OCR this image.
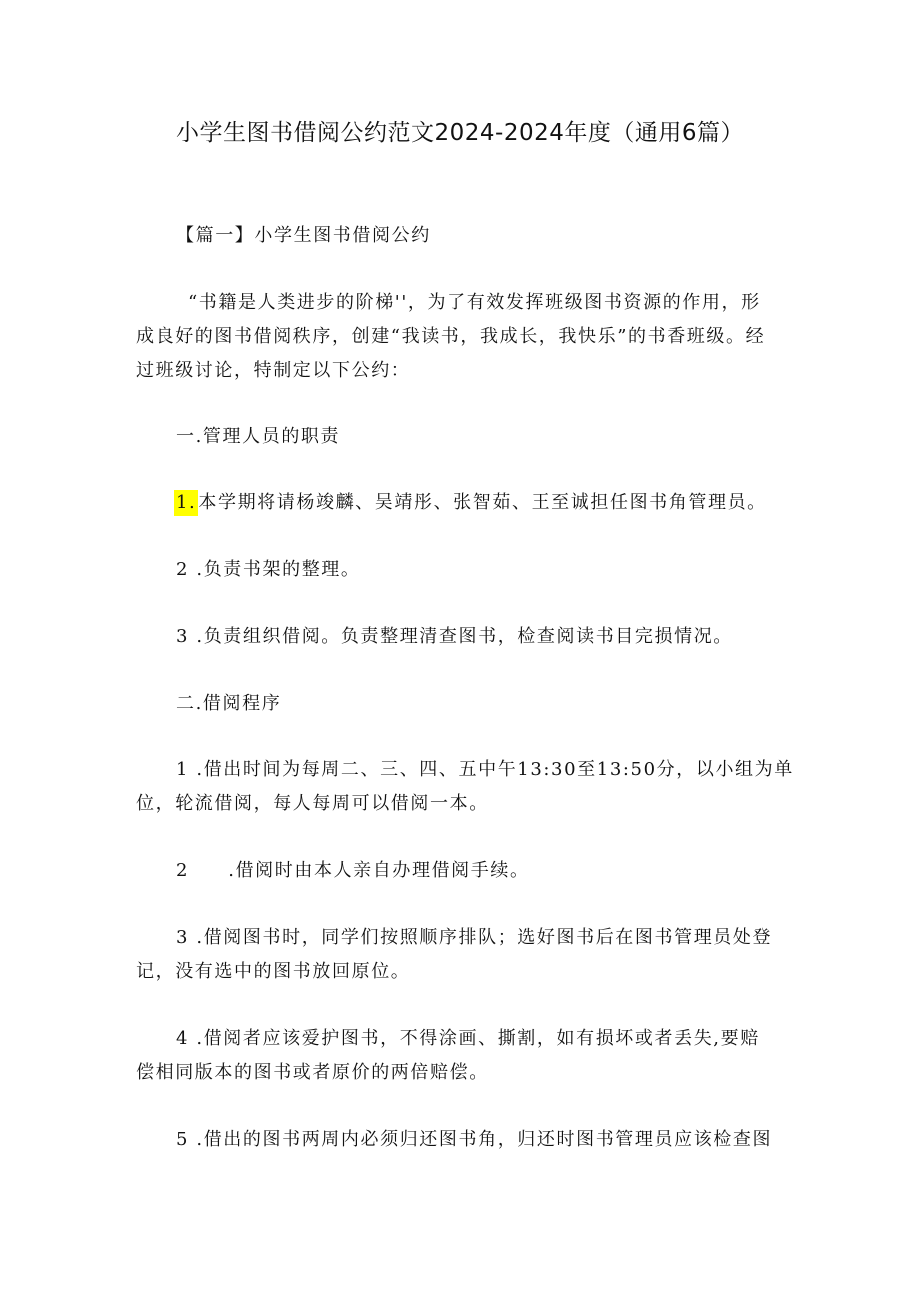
小学生图书借阅公约范文2024-2024年度（通用6篇）
【篇一】小学生图书借阅公约
“书籍是人类进步的阶梯''，为了有效发挥班级图书资源的作用，形
成良好的图书借阅秩序，创建“我读书，我成长，我快乐”的书香班级。经
过班级讨论，特制定以下公约：
一.管理人员的职责
1. 本学期将请杨竣麟、吴靖彤、张智茹、王至诚担任图书角管理员。
2 .负责书架的整理。
3 .负责组织借阅。负责整理清查图书，检查阅读书目完损情况。
二.借阅程序
1 .借出时间为每周二、三、四、五中午13:30至13:50分，以小组为单
位，轮流借阅，每人每周可以借阅一本。
2　　.借阅时由本人亲自办理借阅手续。
3 .借阅图书时，同学们按照顺序排队；选好图书后在图书管理员处登
记，没有选中的图书放回原位。
4 .借阅者应该爱护图书，不得涂画、撕割，如有损坏或者丢失,要赔
偿相同版本的图书或者原价的两倍赔偿。
5 .借出的图书两周内必须归还图书角，归还时图书管理员应该检查图
